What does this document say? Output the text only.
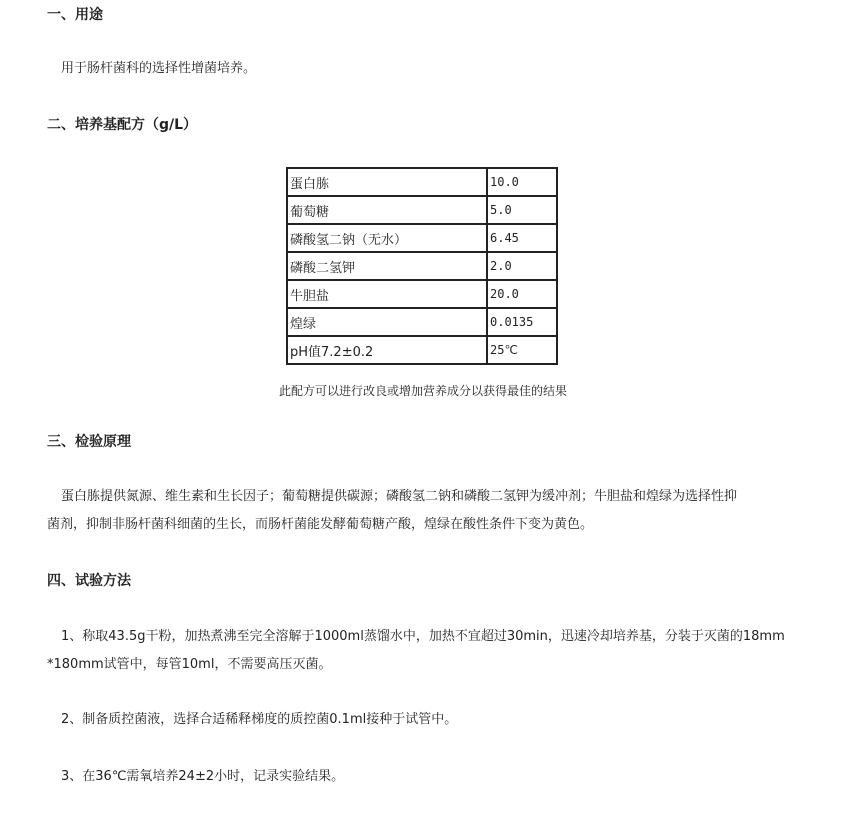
一、用途
用于肠杆菌科的选择性增菌培养。
二、培养基配方（g/L）
蛋白胨	10.0
葡萄糖	5.0
磷酸氢二钠（无水）	6.45
磷酸二氢钾	2.0
牛胆盐	20.0
煌绿	0.0135
pH值7.2±0.2	25℃
此配方可以进行改良或增加营养成分以获得最佳的结果
三、检验原理
蛋白胨提供氮源、维生素和生长因子；葡萄糖提供碳源；磷酸氢二钠和磷酸二氢钾为缓冲剂；牛胆盐和煌绿为选择性抑
菌剂，抑制非肠杆菌科细菌的生长，而肠杆菌能发酵葡萄糖产酸，煌绿在酸性条件下变为黄色。
四、试验方法
1、称取43.5g干粉，加热煮沸至完全溶解于1000ml蒸馏水中，加热不宜超过30min，迅速冷却培养基，分装于灭菌的18mm
*180mm试管中，每管10ml，不需要高压灭菌。
2、制备质控菌液，选择合适稀释梯度的质控菌0.1ml接种于试管中。
3、在36℃需氧培养24±2小时，记录实验结果。
